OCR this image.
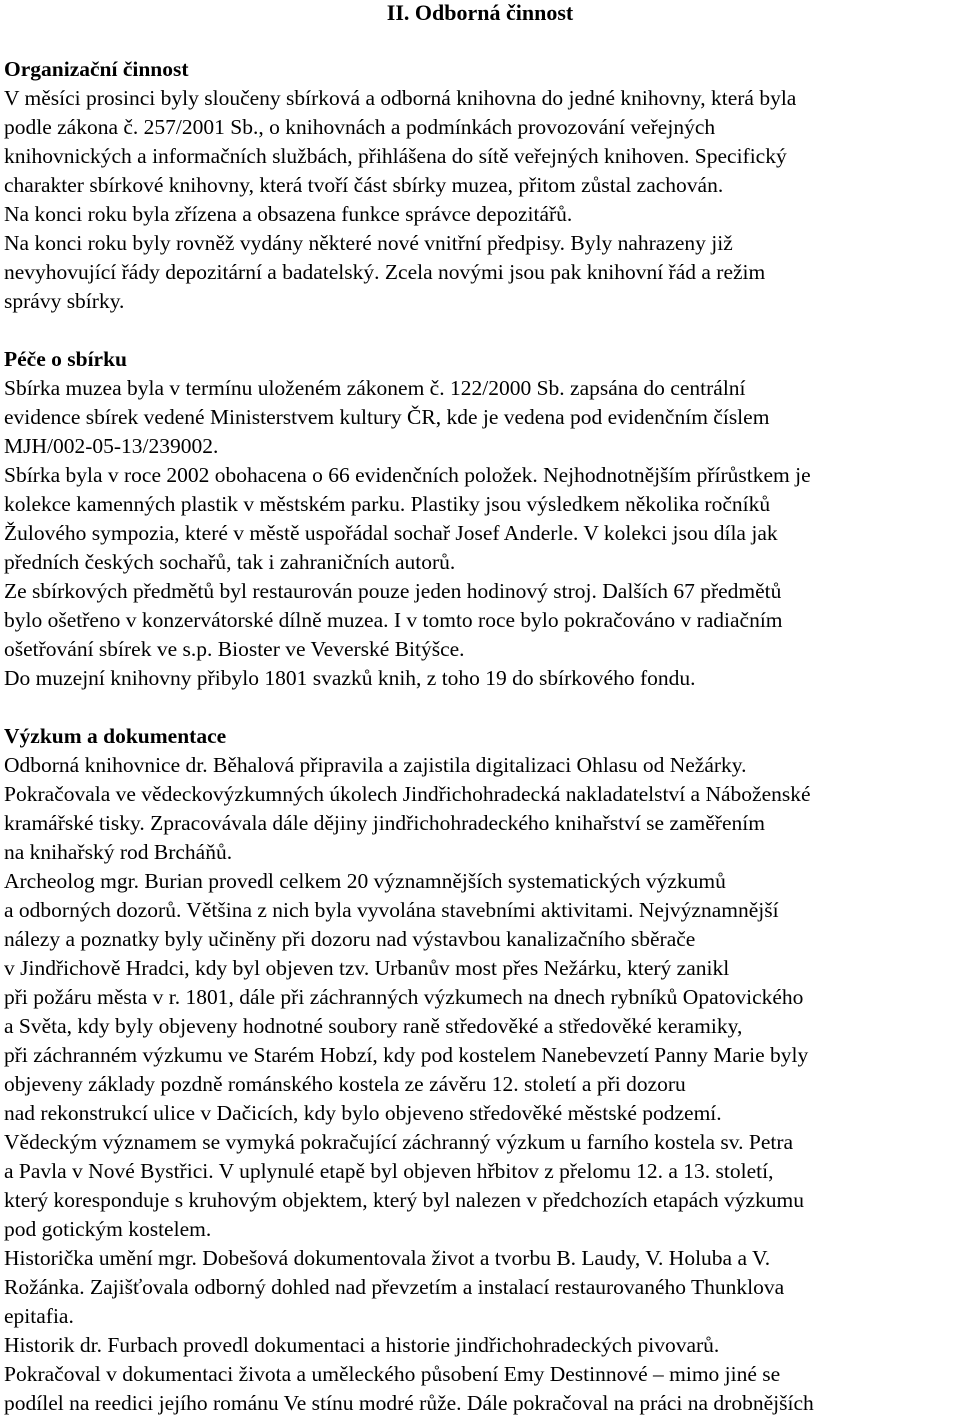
II. Odborná činnost
Organizační činnost

V měsíci prosinci byly sloučeny sbírková a odborná knihovna do jedné knihovny, která byla
podle zákona č. 257/2001 Sb., o knihovnách a podmínkách provozování veřejných
knihovnických a informačních službách, přihlášena do sítě veřejných knihoven. Specifický
charakter sbírkové knihovny, která tvoří část sbírky muzea, přitom zůstal zachován.
Na konci roku byla zřízena a obsazena funkce správce depozitářů.
Na konci roku byly rovněž vydány některé nové vnitřní předpisy. Byly nahrazeny již
nevyhovující řády depozitární a badatelský. Zcela novými jsou pak knihovní řád a režim
správy sbírky.

Péče o sbírku

Sbírka muzea byla v termínu uloženém zákonem č. 122/2000 Sb. zapsána do centrální
evidence sbírek vedené Ministerstvem kultury ČR, kde je vedena pod evidenčním číslem
MJH/002-05-13/239002.
Sbírka byla v roce 2002 obohacena o 66 evidenčních položek. Nejhodnotnějším přírůstkem je
kolekce kamenných plastik v městském parku. Plastiky jsou výsledkem několika ročníků
Žulového sympozia, které v městě uspořádal sochař Josef Anderle. V kolekci jsou díla jak
předních českých sochařů, tak i zahraničních autorů.
Ze sbírkových předmětů byl restaurován pouze jeden hodinový stroj. Dalších 67 předmětů
bylo ošetřeno v konzervátorské dílně muzea. I v tomto roce bylo pokračováno v radiačním
ošetřování sbírek ve s.p. Bioster ve Veverské Bitýšce.
Do muzejní knihovny přibylo 1801 svazků knih, z toho 19 do sbírkového fondu.

Výzkum a dokumentace

Odborná knihovnice dr. Běhalová připravila a zajistila digitalizaci Ohlasu od Nežárky.
Pokračovala ve vědeckovýzkumných úkolech Jindřichohradecká nakladatelství a Náboženské
kramářské tisky. Zpracovávala dále dějiny jindřichohradeckého knihařství se zaměřením
na knihařský rod Brcháňů.
Archeolog mgr. Burian provedl celkem 20 významnějších systematických výzkumů
a odborných dozorů. Většina z nich byla vyvolána stavebními aktivitami. Nejvýznamnější
nálezy a poznatky byly učiněny při dozoru nad výstavbou kanalizačního sběrače
v Jindřichově Hradci, kdy byl objeven tzv. Urbanův most přes Nežárku, který zanikl
při požáru města v r. 1801, dále při záchranných výzkumech na dnech rybníků Opatovického
a Světa, kdy byly objeveny hodnotné soubory raně středověké a středověké keramiky,
při záchranném výzkumu ve Starém Hobzí, kdy pod kostelem Nanebevzetí Panny Marie byly
objeveny základy pozdně románského kostela ze závěru 12. století a při dozoru
nad rekonstrukcí ulice v Dačicích, kdy bylo objeveno středověké městské podzemí.
Vědeckým významem se vymyká pokračující záchranný výzkum u farního kostela sv. Petra
a Pavla v Nové Bystřici. V uplynulé etapě byl objeven hřbitov z přelomu 12. a 13. století,
který koresponduje s kruhovým objektem, který byl nalezen v předchozích etapách výzkumu
pod gotickým kostelem.
Historička umění mgr. Dobešová dokumentovala život a tvorbu B. Laudy, V. Holuba a V.
Rožánka. Zajišťovala odborný dohled nad převzetím a instalací restaurovaného Thunklova
epitafia.
Historik dr. Furbach provedl dokumentaci a historie jindřichohradeckých pivovarů.
Pokračoval v dokumentaci života a uměleckého působení Emy Destinnové – mimo jiné se
podílel na reedici jejího románu Ve stínu modré růže. Dále pokračoval na práci na drobnějších
